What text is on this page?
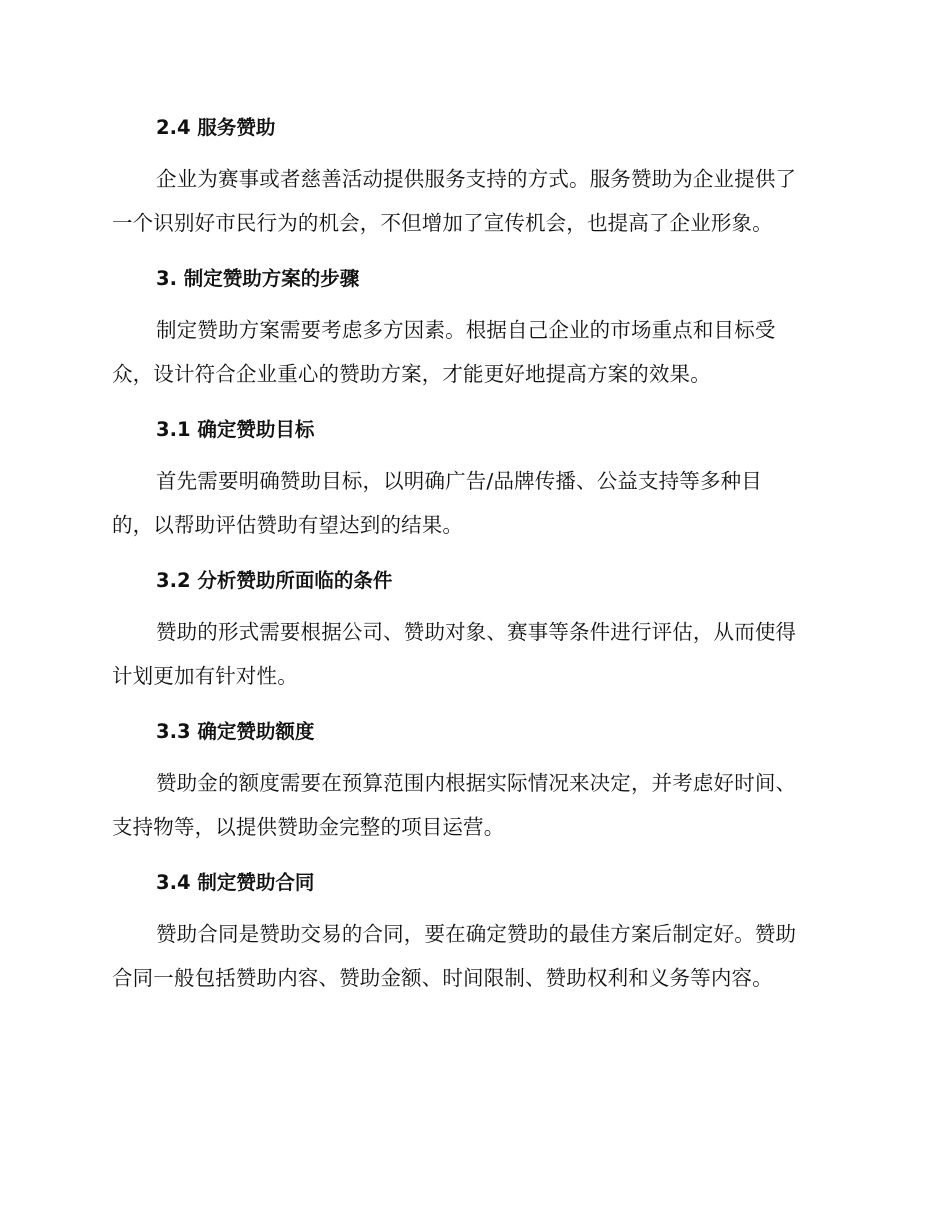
2.4 服务赞助

企业为赛事或者慈善活动提供服务支持的方式。服务赞助为企业提供了
一个识别好市民行为的机会，不但增加了宣传机会，也提高了企业形象。

3. 制定赞助方案的步骤

制定赞助方案需要考虑多方因素。根据自己企业的市场重点和目标受
众，设计符合企业重心的赞助方案，才能更好地提高方案的效果。

3.1 确定赞助目标

首先需要明确赞助目标，以明确广告/品牌传播、公益支持等多种目
的，以帮助评估赞助有望达到的结果。

3.2 分析赞助所面临的条件

赞助的形式需要根据公司、赞助对象、赛事等条件进行评估，从而使得
计划更加有针对性。

3.3 确定赞助额度

赞助金的额度需要在预算范围内根据实际情况来决定，并考虑好时间、
支持物等，以提供赞助金完整的项目运营。

3.4 制定赞助合同

赞助合同是赞助交易的合同，要在确定赞助的最佳方案后制定好。赞助
合同一般包括赞助内容、赞助金额、时间限制、赞助权利和义务等内容。
